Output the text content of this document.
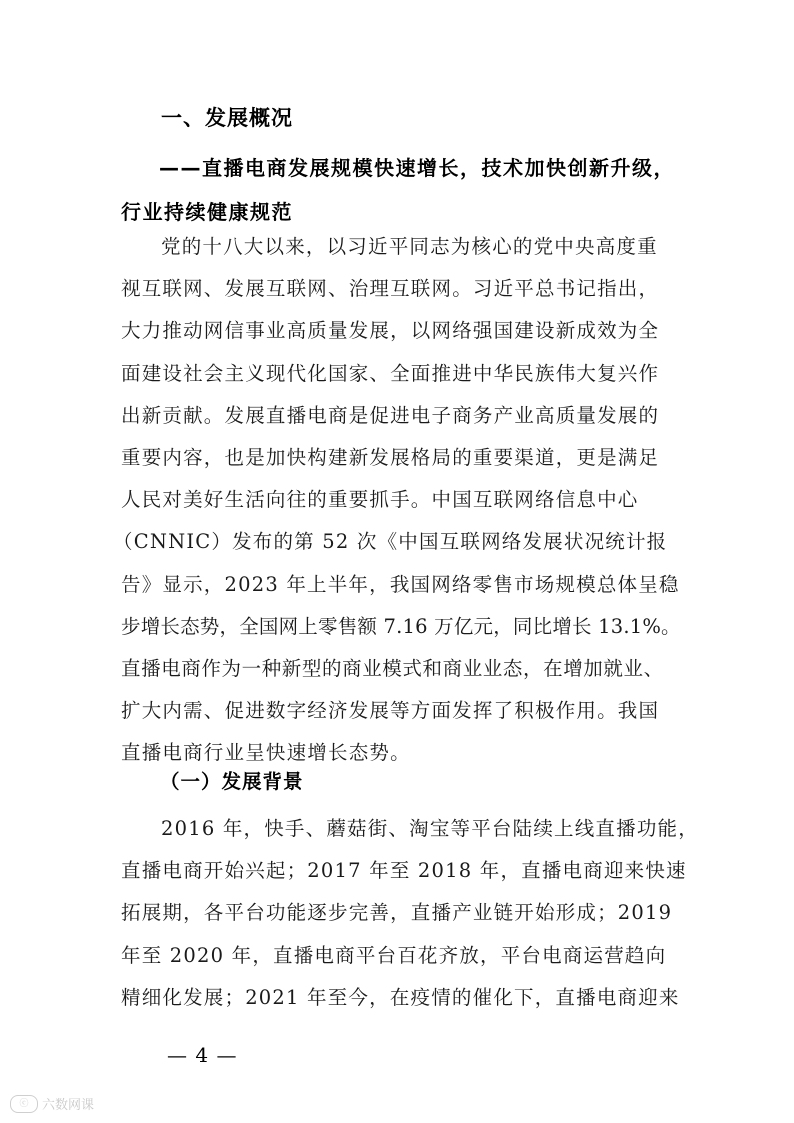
一、发展概况
——直播电商发展规模快速增长，技术加快创新升级，
行业持续健康规范
党的十八大以来，以习近平同志为核心的党中央高度重
视互联网、发展互联网、治理互联网。习近平总书记指出，
大力推动网信事业高质量发展，以网络强国建设新成效为全
面建设社会主义现代化国家、全面推进中华民族伟大复兴作
出新贡献。发展直播电商是促进电子商务产业高质量发展的
重要内容，也是加快构建新发展格局的重要渠道，更是满足
人民对美好生活向往的重要抓手。中国互联网络信息中心
（CNNIC）发布的第 52 次《中国互联网络发展状况统计报
告》显示，2023 年上半年，我国网络零售市场规模总体呈稳
步增长态势，全国网上零售额 7.16 万亿元，同比增长 13.1%。
直播电商作为一种新型的商业模式和商业业态，在增加就业、
扩大内需、促进数字经济发展等方面发挥了积极作用。我国
直播电商行业呈快速增长态势。
（一）发展背景
2016 年，快手、蘑菇街、淘宝等平台陆续上线直播功能，
直播电商开始兴起；2017 年至 2018 年，直播电商迎来快速
拓展期，各平台功能逐步完善，直播产业链开始形成；2019
年至 2020 年，直播电商平台百花齐放，平台电商运营趋向
精细化发展；2021 年至今，在疫情的催化下，直播电商迎来
— 4 —
ⓒ	六数网课
